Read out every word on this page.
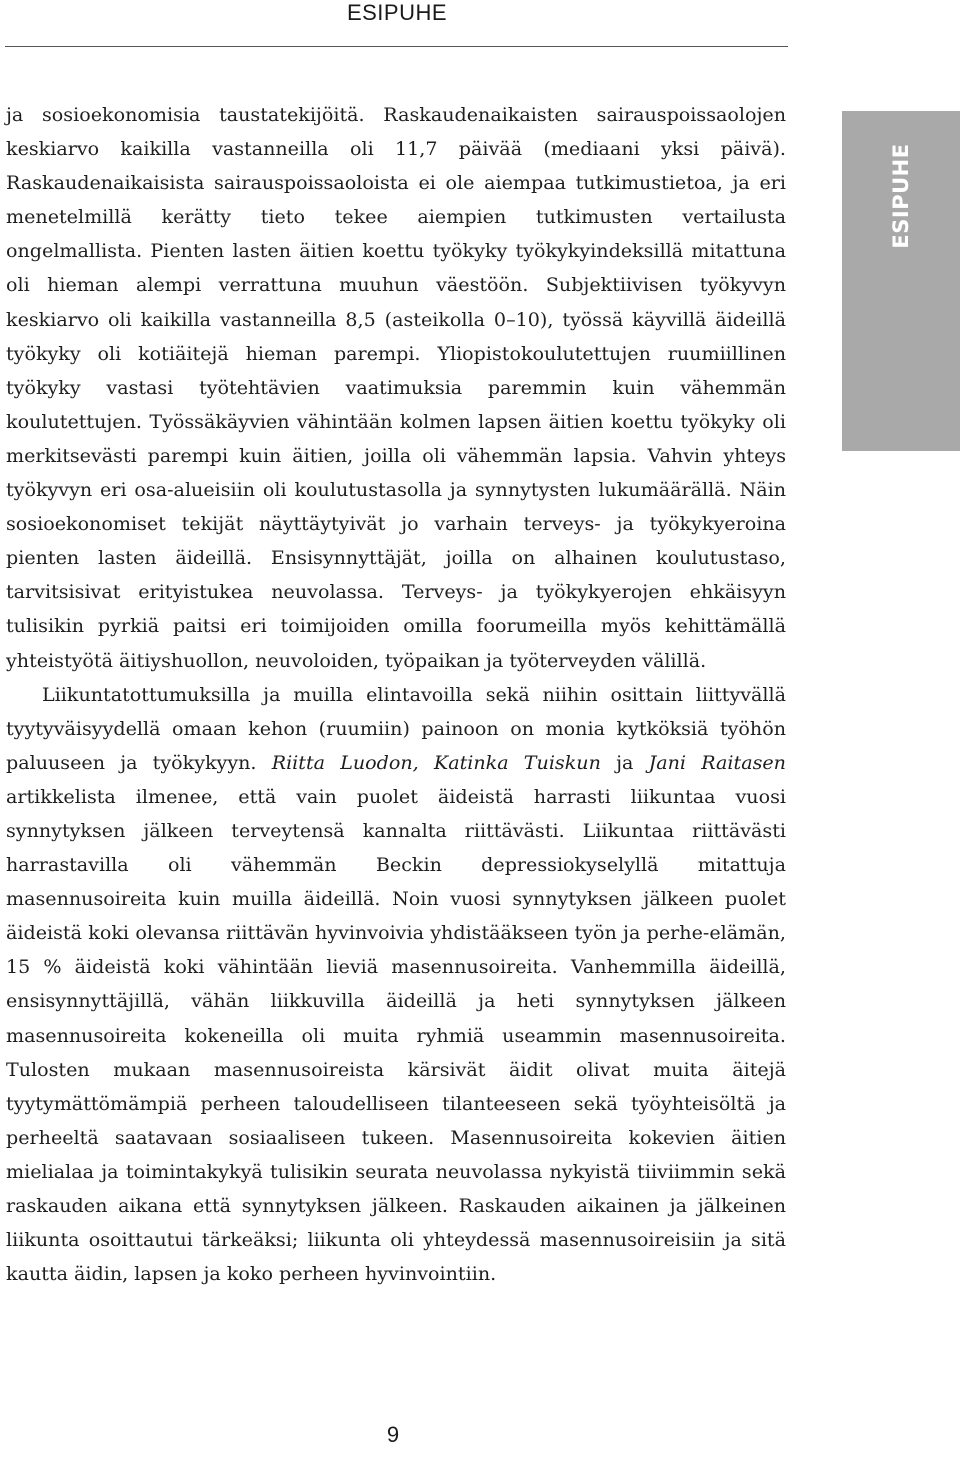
ESIPUHE
ESIPUHE

ja sosioekonomisia taustatekijöitä. Raskaudenaikaisten sairauspoissaolojen keskiarvo kaikilla vastanneilla oli 11,7 päivää (mediaani yksi päivä). Raskaudenaikaisista sairauspoissaoloista ei ole aiempaa tutkimustietoa, ja eri menetelmillä kerätty tieto tekee aiempien tutkimusten vertailusta ongelmallista. Pienten lasten äitien koettu työkyky työkykyindeksillä mitattuna oli hieman alempi verrattuna muuhun väestöön. Subjektiivisen työkyvyn keskiarvo oli kaikilla vastanneilla 8,5 (asteikolla 0–10), työssä käyvillä äideillä työkyky oli kotiäitejä hieman parempi. Yliopistokoulutettujen ruumiillinen työkyky vastasi työtehtävien vaatimuksia paremmin kuin vähemmän koulutettujen. Työssäkäyvien vähintään kolmen lapsen äitien koettu työkyky oli merkitsevästi parempi kuin äitien, joilla oli vähemmän lapsia. Vahvin yhteys työkyvyn eri osa-alueisiin oli koulutustasolla ja synnytysten lukumäärällä. Näin sosioekonomiset tekijät näyttäytyivät jo varhain terveys- ja työkykyeroina pienten lasten äideillä. Ensisynnyttäjät, joilla on alhainen koulutustaso, tarvitsisivat erityistukea neuvolassa. Terveys- ja työkykyerojen ehkäisyyn tulisikin pyrkiä paitsi eri toimijoiden omilla foorumeilla myös kehittämällä yhteistyötä äitiyshuollon, neuvoloiden, työpaikan ja työterveyden välillä.

Liikuntatottumuksilla ja muilla elintavoilla sekä niihin osittain liittyvällä tyytyväisyydellä omaan kehon (ruumiin) painoon on monia kytköksiä työhön paluuseen ja työkykyyn. Riitta Luodon, Katinka Tuiskun ja Jani Raitasen artikkelista ilmenee, että vain puolet äideistä harrasti liikuntaa vuosi synnytyksen jälkeen terveytensä kannalta riittävästi. Liikuntaa riittävästi harrastavilla oli vähemmän Beckin depressiokyselyllä mitattuja masennusoireita kuin muilla äideillä. Noin vuosi synnytyksen jälkeen puolet äideistä koki olevansa riittävän hyvinvoivia yhdistääkseen työn ja perhe-elämän, 15 % äideistä koki vähintään lieviä masennusoireita. Vanhemmilla äideillä, ensisynnyttäjillä, vähän liikkuvilla äideillä ja heti synnytyksen jälkeen masennusoireita kokeneilla oli muita ryhmiä useammin masennusoireita. Tulosten mukaan masennusoireista kärsivät äidit olivat muita äitejä tyytymättömämpiä perheen taloudelliseen tilanteeseen sekä työyhteisöltä ja perheeltä saatavaan sosiaaliseen tukeen. Masennusoireita kokevien äitien mielialaa ja toimintakykyä tulisikin seurata neuvolassa nykyistä tiiviimmin sekä raskauden aikana että synnytyksen jälkeen. Raskauden aikainen ja jälkeinen liikunta osoittautui tärkeäksi; liikunta oli yhteydessä masennusoireisiin ja sitä kautta äidin, lapsen ja koko perheen hyvinvointiin.

9
